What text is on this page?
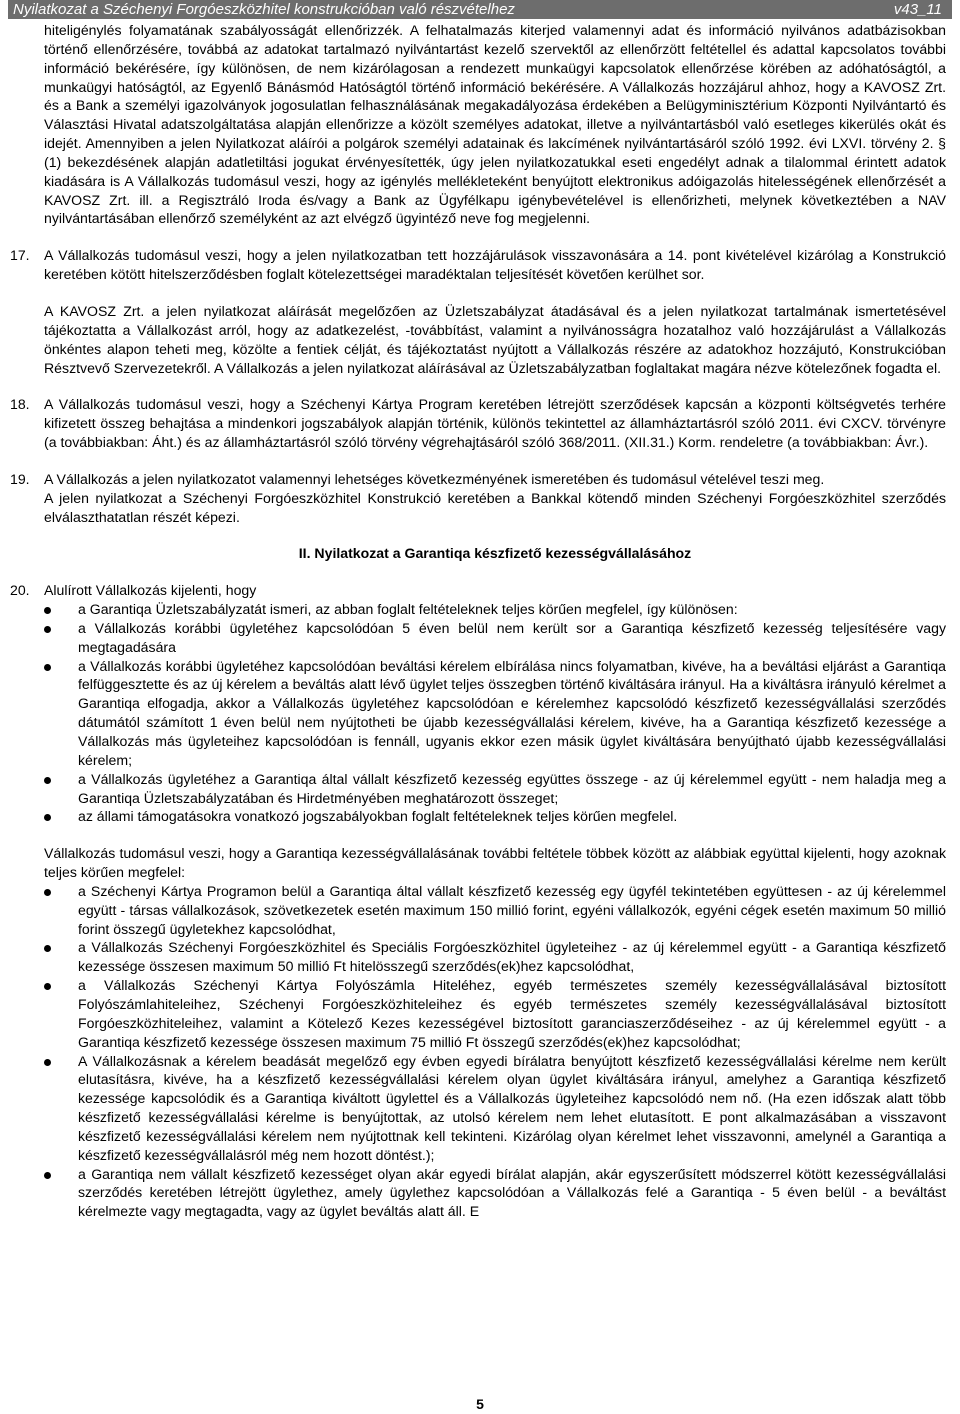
Nyilatkozat a Széchenyi Forgóeszközhitel konstrukcióban való részvételhez	v43_11

hiteligénylés folyamatának szabályosságát ellenőrizzék. A felhatalmazás kiterjed valamennyi adat és információ nyilvános adatbázisokban történő ellenőrzésére, továbbá az adatokat tartalmazó nyilvántartást kezelő szervektől az ellenőrzött feltétellel és adattal kapcsolatos további információ bekérésére, így különösen, de nem kizárólagosan a rendezett munkaügyi kapcsolatok ellenőrzése körében az adóhatóságtól, a munkaügyi hatóságtól, az Egyenlő Bánásmód Hatóságtól történő információ bekérésére. A Vállalkozás hozzájárul ahhoz, hogy a KAVOSZ Zrt. és a Bank a személyi igazolványok jogosulatlan felhasználásának megakadályozása érdekében a Belügyminisztérium Központi Nyilvántartó és Választási Hivatal adatszolgáltatása alapján ellenőrizze a közölt személyes adatokat, illetve a nyilvántartásból való esetleges kikerülés okát és idejét. Amennyiben a jelen Nyilatkozat aláírói a polgárok személyi adatainak és lakcímének nyilvántartásáról szóló 1992. évi LXVI. törvény 2. § (1) bekezdésének alapján adatletiltási jogukat érvényesítették, úgy jelen nyilatkozatukkal eseti engedélyt adnak a tilalommal érintett adatok kiadására is A Vállalkozás tudomásul veszi, hogy az igénylés mellékleteként benyújtott elektronikus adóigazolás hitelességének ellenőrzését a KAVOSZ Zrt. ill. a Regisztráló Iroda és/vagy a Bank az Ügyfélkapu igénybevételével is ellenőrizheti, melynek következtében a NAV nyilvántartásában ellenőrző személyként az azt elvégző ügyintéző neve fog megjelenni.

17.	A Vállalkozás tudomásul veszi, hogy a jelen nyilatkozatban tett hozzájárulások visszavonására a 14. pont kivételével kizárólag a Konstrukció keretében kötött hitelszerződésben foglalt kötelezettségei maradéktalan teljesítését követően kerülhet sor.

A KAVOSZ Zrt. a jelen nyilatkozat aláírását megelőzően az Üzletszabályzat átadásával és a jelen nyilatkozat tartalmának ismertetésével tájékoztatta a Vállalkozást arról, hogy az adatkezelést, -továbbítást, valamint a nyilvánosságra hozatalhoz való hozzájárulást a Vállalkozás önkéntes alapon teheti meg, közölte a fentiek célját, és tájékoztatást nyújtott a Vállalkozás részére az adatokhoz hozzájutó, Konstrukcióban Résztvevő Szervezetekről. A Vállalkozás a jelen nyilatkozat aláírásával az Üzletszabályzatban foglaltakat magára nézve kötelezőnek fogadta el.

18.	A Vállalkozás tudomásul veszi, hogy a Széchenyi Kártya Program keretében létrejött szerződések kapcsán a központi költségvetés terhére kifizetett összeg behajtása a mindenkori jogszabályok alapján történik, különös tekintettel az államháztartásról szóló 2011. évi CXCV. törvényre (a továbbiakban: Áht.) és az államháztartásról szóló törvény végrehajtásáról szóló 368/2011. (XII.31.) Korm. rendeletre (a továbbiakban: Ávr.).
19.	A Vállalkozás a jelen nyilatkozatot valamennyi lehetséges következményének ismeretében és tudomásul vételével teszi meg.

A jelen nyilatkozat a Széchenyi Forgóeszközhitel Konstrukció keretében a Bankkal kötendő minden Széchenyi Forgóeszközhitel szerződés elválaszthatatlan részét képezi.

II. Nyilatkozat a Garantiqa készfizető kezességvállalásához

20.	Alulírott Vállalkozás kijelenti, hogy
a Garantiqa Üzletszabályzatát ismeri, az abban foglalt feltételeknek teljes körűen megfelel, így különösen:
a Vállalkozás korábbi ügyletéhez kapcsolódóan 5 éven belül nem került sor a Garantiqa készfizető kezesség teljesítésére vagy megtagadására
a Vállalkozás korábbi ügyletéhez kapcsolódóan beváltási kérelem elbírálása nincs folyamatban, kivéve, ha a beváltási eljárást a Garantiqa felfüggesztette és az új kérelem a beváltás alatt lévő ügylet teljes összegben történő kiváltására irányul. Ha a kiváltásra irányuló kérelmet a Garantiqa elfogadja, akkor a Vállalkozás ügyletéhez kapcsolódóan e kérelemhez kapcsolódó készfizető kezességvállalási szerződés dátumától számított 1 éven belül nem nyújtotheti be újabb kezességvállalási kérelem, kivéve, ha a Garantiqa készfizető kezessége a Vállalkozás más ügyleteihez kapcsolódóan is fennáll, ugyanis ekkor ezen másik ügylet kiváltására benyújtható újabb kezességvállalási kérelem;
a Vállalkozás ügyletéhez a Garantiqa által vállalt készfizető kezesség együttes összege - az új kérelemmel együtt - nem haladja meg a Garantiqa Üzletszabályzatában és Hirdetményében meghatározott összeget;
az állami támogatásokra vonatkozó jogszabályokban foglalt feltételeknek teljes körűen megfelel.

Vállalkozás tudomásul veszi, hogy a Garantiqa kezességvállalásának további feltétele többek között az alábbiak együttal kijelenti, hogy azoknak teljes körűen megfelel:

a Széchenyi Kártya Programon belül a Garantiqa által vállalt készfizető kezesség egy ügyfél tekintetében együttesen - az új kérelemmel együtt - társas vállalkozások, szövetkezetek esetén maximum 150 millió forint, egyéni vállalkozók, egyéni cégek esetén maximum 50 millió forint összegű ügyletekhez kapcsolódhat,
a Vállalkozás Széchenyi Forgóeszközhitel és Speciális Forgóeszközhitel ügyleteihez - az új kérelemmel együtt - a Garantiqa készfizető kezessége összesen maximum 50 millió Ft hitelösszegű szerződés(ek)hez kapcsolódhat,
a Vállalkozás Széchenyi Kártya Folyószámla Hiteléhez, egyéb természetes személy kezességvállalásával biztosított Folyószámlahiteleihez, Széchenyi Forgóeszközhiteleihez és egyéb természetes személy kezességvállalásával biztosított Forgóeszközhiteleihez, valamint a Kötelező Kezes kezességével biztosított garanciaszerződéseihez - az új kérelemmel együtt - a Garantiqa készfizető kezessége összesen maximum 75 millió Ft összegű szerződés(ek)hez kapcsolódhat;
A Vállalkozásnak a kérelem beadását megelőző egy évben egyedi bírálatra benyújtott készfizető kezességvállalási kérelme nem került elutasításra, kivéve, ha a készfizető kezességvállalási kérelem olyan ügylet kiváltására irányul, amelyhez a Garantiqa készfizető kezessége kapcsolódik és a Garantiqa kiváltott ügylettel és a Vállalkozás ügyleteihez kapcsolódó nem nő. (Ha ezen időszak alatt több készfizető kezességvállalási kérelme is benyújtottak, az utolsó kérelem nem lehet elutasított. E pont alkalmazásában a visszavont készfizető kezességvállalási kérelem nem nyújtottnak kell tekinteni. Kizárólag olyan kérelmet lehet visszavonni, amelynél a Garantiqa a készfizető kezességvállalásról még nem hozott döntést.);
a Garantiqa nem vállalt készfizető kezességet olyan akár egyedi bírálat alapján, akár egyszerűsített módszerrel kötött kezességvállalási szerződés keretében létrejött ügylethez, amely ügylethez kapcsolódóan a Vállalkozás felé a Garantiqa - 5 éven belül - a beváltást kérelmezte vagy megtagadta, vagy az ügylet beváltás alatt áll. E
5
